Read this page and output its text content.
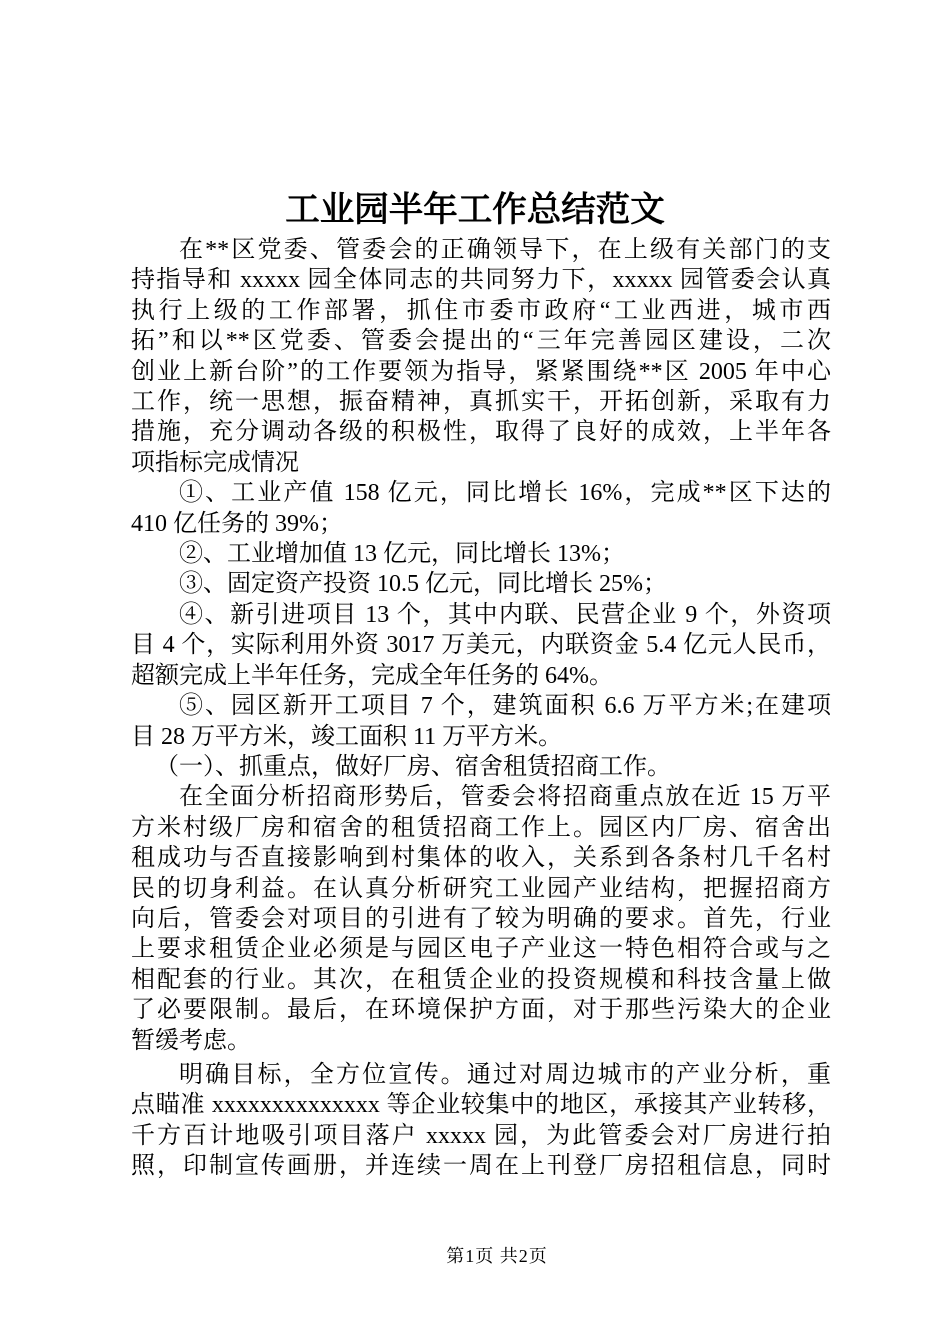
工业园半年工作总结范文
在**区党委、管委会的正确领导下，在上级有关部门的支
持指导和 xxxxx 园全体同志的共同努力下，xxxxx 园管委会认真
执行上级的工作部署，抓住市委市政府“工业西进，城市西
拓”和以**区党委、管委会提出的“三年完善园区建设，二次
创业上新台阶”的工作要领为指导，紧紧围绕**区 2005 年中心
工作，统一思想，振奋精神，真抓实干，开拓创新，采取有力
措施，充分调动各级的积极性，取得了良好的成效，上半年各
项指标完成情况
①、工业产值 158 亿元，同比增长 16%，完成**区下达的
410 亿任务的 39%；
②、工业增加值 13 亿元，同比增长 13%；
③、固定资产投资 10.5 亿元，同比增长 25%；
④、新引进项目 13 个，其中内联、民营企业 9 个，外资项
目 4 个，实际利用外资 3017 万美元，内联资金 5.4 亿元人民币，
超额完成上半年任务，完成全年任务的 64%。
⑤、园区新开工项目 7 个，建筑面积 6.6 万平方米;在建项
目 28 万平方米，竣工面积 11 万平方米。
（一）、抓重点，做好厂房、宿舍租赁招商工作。
在全面分析招商形势后，管委会将招商重点放在近 15 万平
方米村级厂房和宿舍的租赁招商工作上。园区内厂房、宿舍出
租成功与否直接影响到村集体的收入，关系到各条村几千名村
民的切身利益。在认真分析研究工业园产业结构，把握招商方
向后，管委会对项目的引进有了较为明确的要求。首先，行业
上要求租赁企业必须是与园区电子产业这一特色相符合或与之
相配套的行业。其次，在租赁企业的投资规模和科技含量上做
了必要限制。最后，在环境保护方面，对于那些污染大的企业
暂缓考虑。
明确目标，全方位宣传。通过对周边城市的产业分析，重
点瞄准 xxxxxxxxxxxxxx 等企业较集中的地区，承接其产业转移，
千方百计地吸引项目落户 xxxxx 园，为此管委会对厂房进行拍
照，印制宣传画册，并连续一周在上刊登厂房招租信息，同时
第1页 共2页
